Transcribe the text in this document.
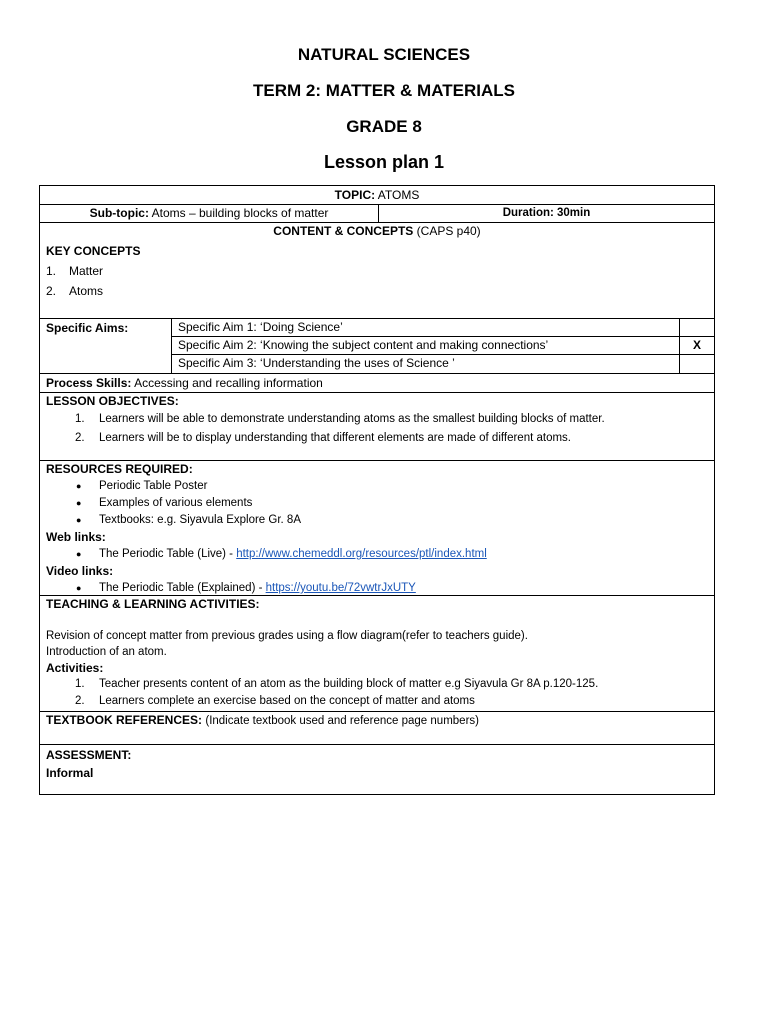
NATURAL SCIENCES
TERM 2: MATTER & MATERIALS
GRADE 8
Lesson plan 1
TOPIC: ATOMS
Sub-topic: Atoms – building blocks of matter	Duration: 30min
CONTENT & CONCEPTS (CAPS p40)
KEY CONCEPTS
1.	Matter
2.	Atoms
Specific Aims:	Specific Aim 1: ‘Doing Science’
Specific Aim 2: ‘Knowing the subject content and making connections’	X
Specific Aim 3: ‘Understanding the uses of Science ’
Process Skills: Accessing and recalling information
LESSON OBJECTIVES:
1.	Learners will be able to demonstrate understanding atoms as the smallest building blocks of matter.
2.	Learners will be to display understanding that different elements are made of different atoms.
RESOURCES REQUIRED:
●	Periodic Table Poster
●	Examples of various elements
●	Textbooks: e.g. Siyavula Explore Gr. 8A
Web links:
●	The Periodic Table (Live) - http://www.chemeddl.org/resources/ptl/index.html
Video links:
●	The Periodic Table (Explained) - https://youtu.be/72vwtrJxUTY
TEACHING & LEARNING ACTIVITIES:
Revision of concept matter from previous grades using a flow diagram(refer to teachers guide).
Introduction of an atom.
Activities:
1.	Teacher presents content of an atom as the building block of matter e.g Siyavula Gr 8A p.120-125.
2.	Learners complete an exercise based on the concept of matter and atoms
TEXTBOOK REFERENCES: (Indicate textbook used and reference page numbers)
ASSESSMENT:
Informal
